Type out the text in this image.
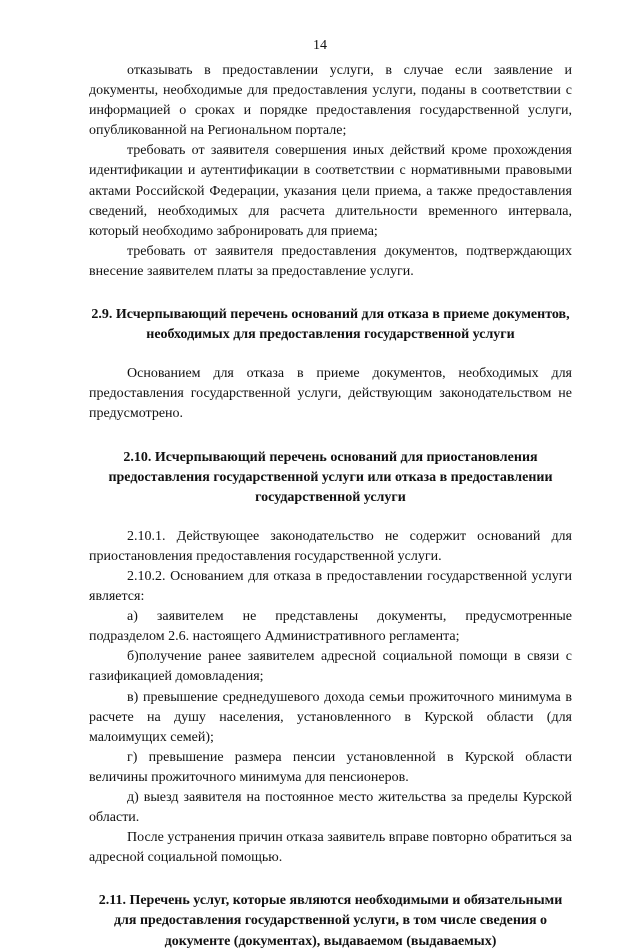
14

отказывать в предоставлении услуги, в случае если заявление и документы, необходимые для предоставления услуги, поданы в соответствии с информацией о сроках и порядке предоставления государственной услуги, опубликованной на Региональном портале;

требовать от заявителя совершения иных действий кроме прохождения идентификации и аутентификации в соответствии с нормативными правовыми актами Российской Федерации, указания цели приема, а также предоставления сведений, необходимых для расчета длительности временного интервала, который необходимо забронировать для приема;

требовать от заявителя предоставления документов, подтверждающих внесение заявителем платы за предоставление услуги.

2.9. Исчерпывающий перечень оснований для отказа в приеме документов, необходимых для предоставления государственной услуги

Основанием для отказа в приеме документов, необходимых для предоставления государственной услуги, действующим законодательством не предусмотрено.

2.10. Исчерпывающий перечень оснований для приостановления предоставления государственной услуги или отказа в предоставлении государственной услуги

2.10.1. Действующее законодательство не содержит оснований для приостановления предоставления государственной услуги.

2.10.2. Основанием для отказа в предоставлении государственной услуги является:

а) заявителем не представлены документы, предусмотренные подразделом 2.6. настоящего Административного регламента;

б)получение ранее заявителем адресной социальной помощи в связи с газификацией домовладения;

в) превышение среднедушевого дохода семьи прожиточного минимума в расчете на душу населения, установленного в Курской области (для малоимущих семей);

г) превышение размера пенсии установленной в Курской области величины прожиточного минимума для пенсионеров.

д) выезд заявителя на постоянное место жительства за пределы Курской области.

После устранения причин отказа заявитель вправе повторно обратиться за адресной социальной помощью.

2.11. Перечень услуг, которые являются необходимыми и обязательными для предоставления государственной услуги, в том числе сведения о документе (документах), выдаваемом (выдаваемых)
